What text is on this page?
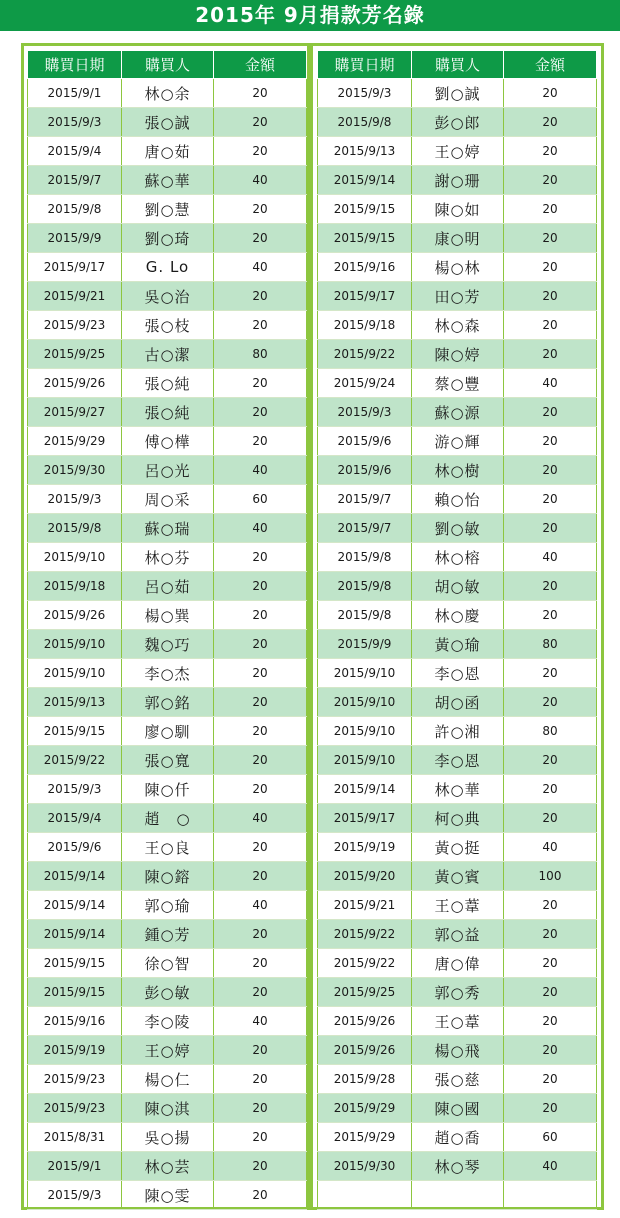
2015年 9月捐款芳名錄
購買日期	購買人	金額
2015/9/1	林○余	20
2015/9/3	張○誠	20
2015/9/4	唐○茹	20
2015/9/7	蘇○華	40
2015/9/8	劉○慧	20
2015/9/9	劉○琦	20
2015/9/17	G. Lo	40
2015/9/21	吳○治	20
2015/9/23	張○枝	20
2015/9/25	古○潔	80
2015/9/26	張○純	20
2015/9/27	張○純	20
2015/9/29	傅○樺	20
2015/9/30	呂○光	40
2015/9/3	周○采	60
2015/9/8	蘇○瑞	40
2015/9/10	林○芬	20
2015/9/18	呂○茹	20
2015/9/26	楊○巽	20
2015/9/10	魏○巧	20
2015/9/10	李○杰	20
2015/9/13	郭○銘	20
2015/9/15	廖○馴	20
2015/9/22	張○寬	20
2015/9/3	陳○仟	20
2015/9/4	趙　○	40
2015/9/6	王○良	20
2015/9/14	陳○鎔	20
2015/9/14	郭○瑜	40
2015/9/14	鍾○芳	20
2015/9/15	徐○智	20
2015/9/15	彭○敏	20
2015/9/16	李○陵	40
2015/9/19	王○婷	20
2015/9/23	楊○仁	20
2015/9/23	陳○淇	20
2015/8/31	吳○揚	20
2015/9/1	林○芸	20
2015/9/3	陳○雯	20
購買日期	購買人	金額
2015/9/3	劉○誠	20
2015/9/8	彭○郎	20
2015/9/13	王○婷	20
2015/9/14	謝○珊	20
2015/9/15	陳○如	20
2015/9/15	康○明	20
2015/9/16	楊○林	20
2015/9/17	田○芳	20
2015/9/18	林○森	20
2015/9/22	陳○婷	20
2015/9/24	蔡○豐	40
2015/9/3	蘇○源	20
2015/9/6	游○輝	20
2015/9/6	林○樹	20
2015/9/7	賴○怡	20
2015/9/7	劉○敏	20
2015/9/8	林○榕	40
2015/9/8	胡○敏	20
2015/9/8	林○慶	20
2015/9/9	黃○瑜	80
2015/9/10	李○恩	20
2015/9/10	胡○函	20
2015/9/10	許○湘	80
2015/9/10	李○恩	20
2015/9/14	林○華	20
2015/9/17	柯○典	20
2015/9/19	黃○挺	40
2015/9/20	黃○賓	100
2015/9/21	王○葦	20
2015/9/22	郭○益	20
2015/9/22	唐○偉	20
2015/9/25	郭○秀	20
2015/9/26	王○葦	20
2015/9/26	楊○飛	20
2015/9/28	張○慈	20
2015/9/29	陳○國	20
2015/9/29	趙○喬	60
2015/9/30	林○琴	40
